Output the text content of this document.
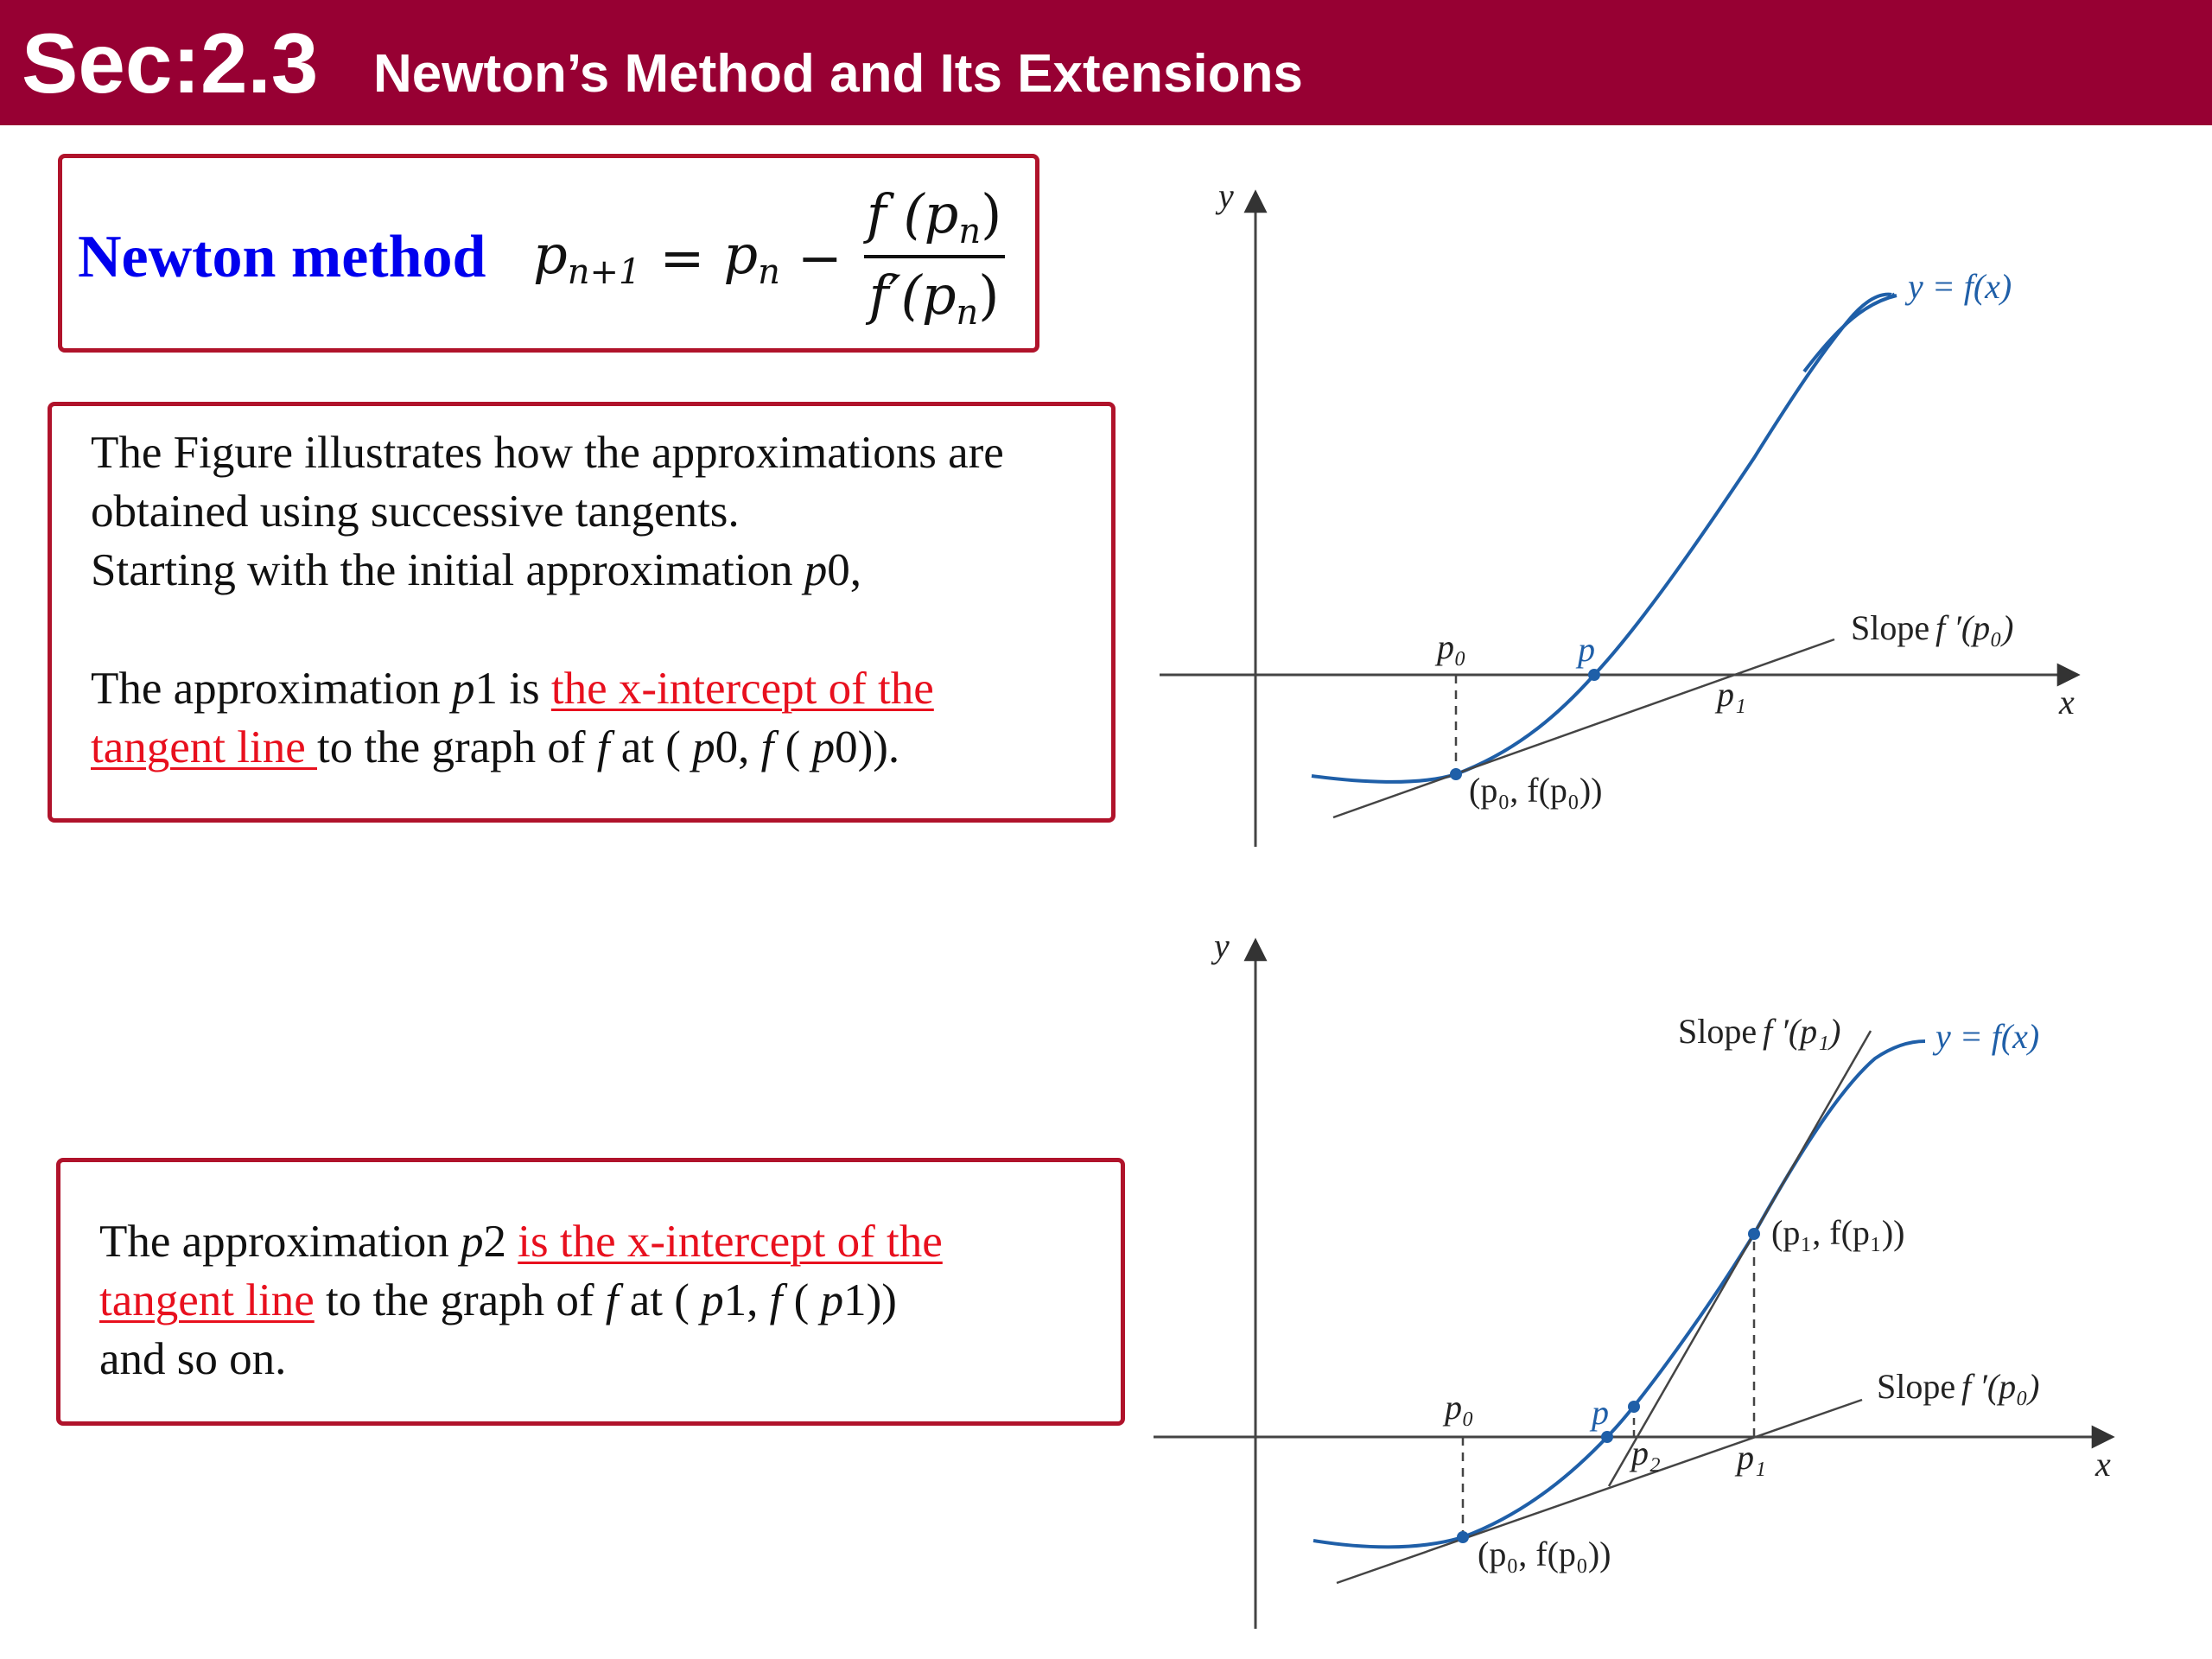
Sec:2.3 Newton’s Method and Its Extensions
Newton method $p_{n+1} = p_n - \frac{f (p_n)}{f'(p_n)}$
The Figure illustrates how the approximations are
obtained using successive tangents.
Starting with the initial approximation p0,
The approximation p1 is the x-intercept of the
tangent line to the graph of f at ( p0, f ( p0)).
The approximation p2 is the x-intercept of the
tangent line to the graph of f at ( p1, f ( p1))
and so on.
y
x
y = f(x)
p₀	p
p₁
(p₀, f(p₀))
Slope f ′(p₀)
y
x
y = f(x)
p₀	p
p₂ p₁
(p₀, f(p₀))
(p₁, f(p₁))
Slope f ′(p₁)
Slope f ′(p₀)
